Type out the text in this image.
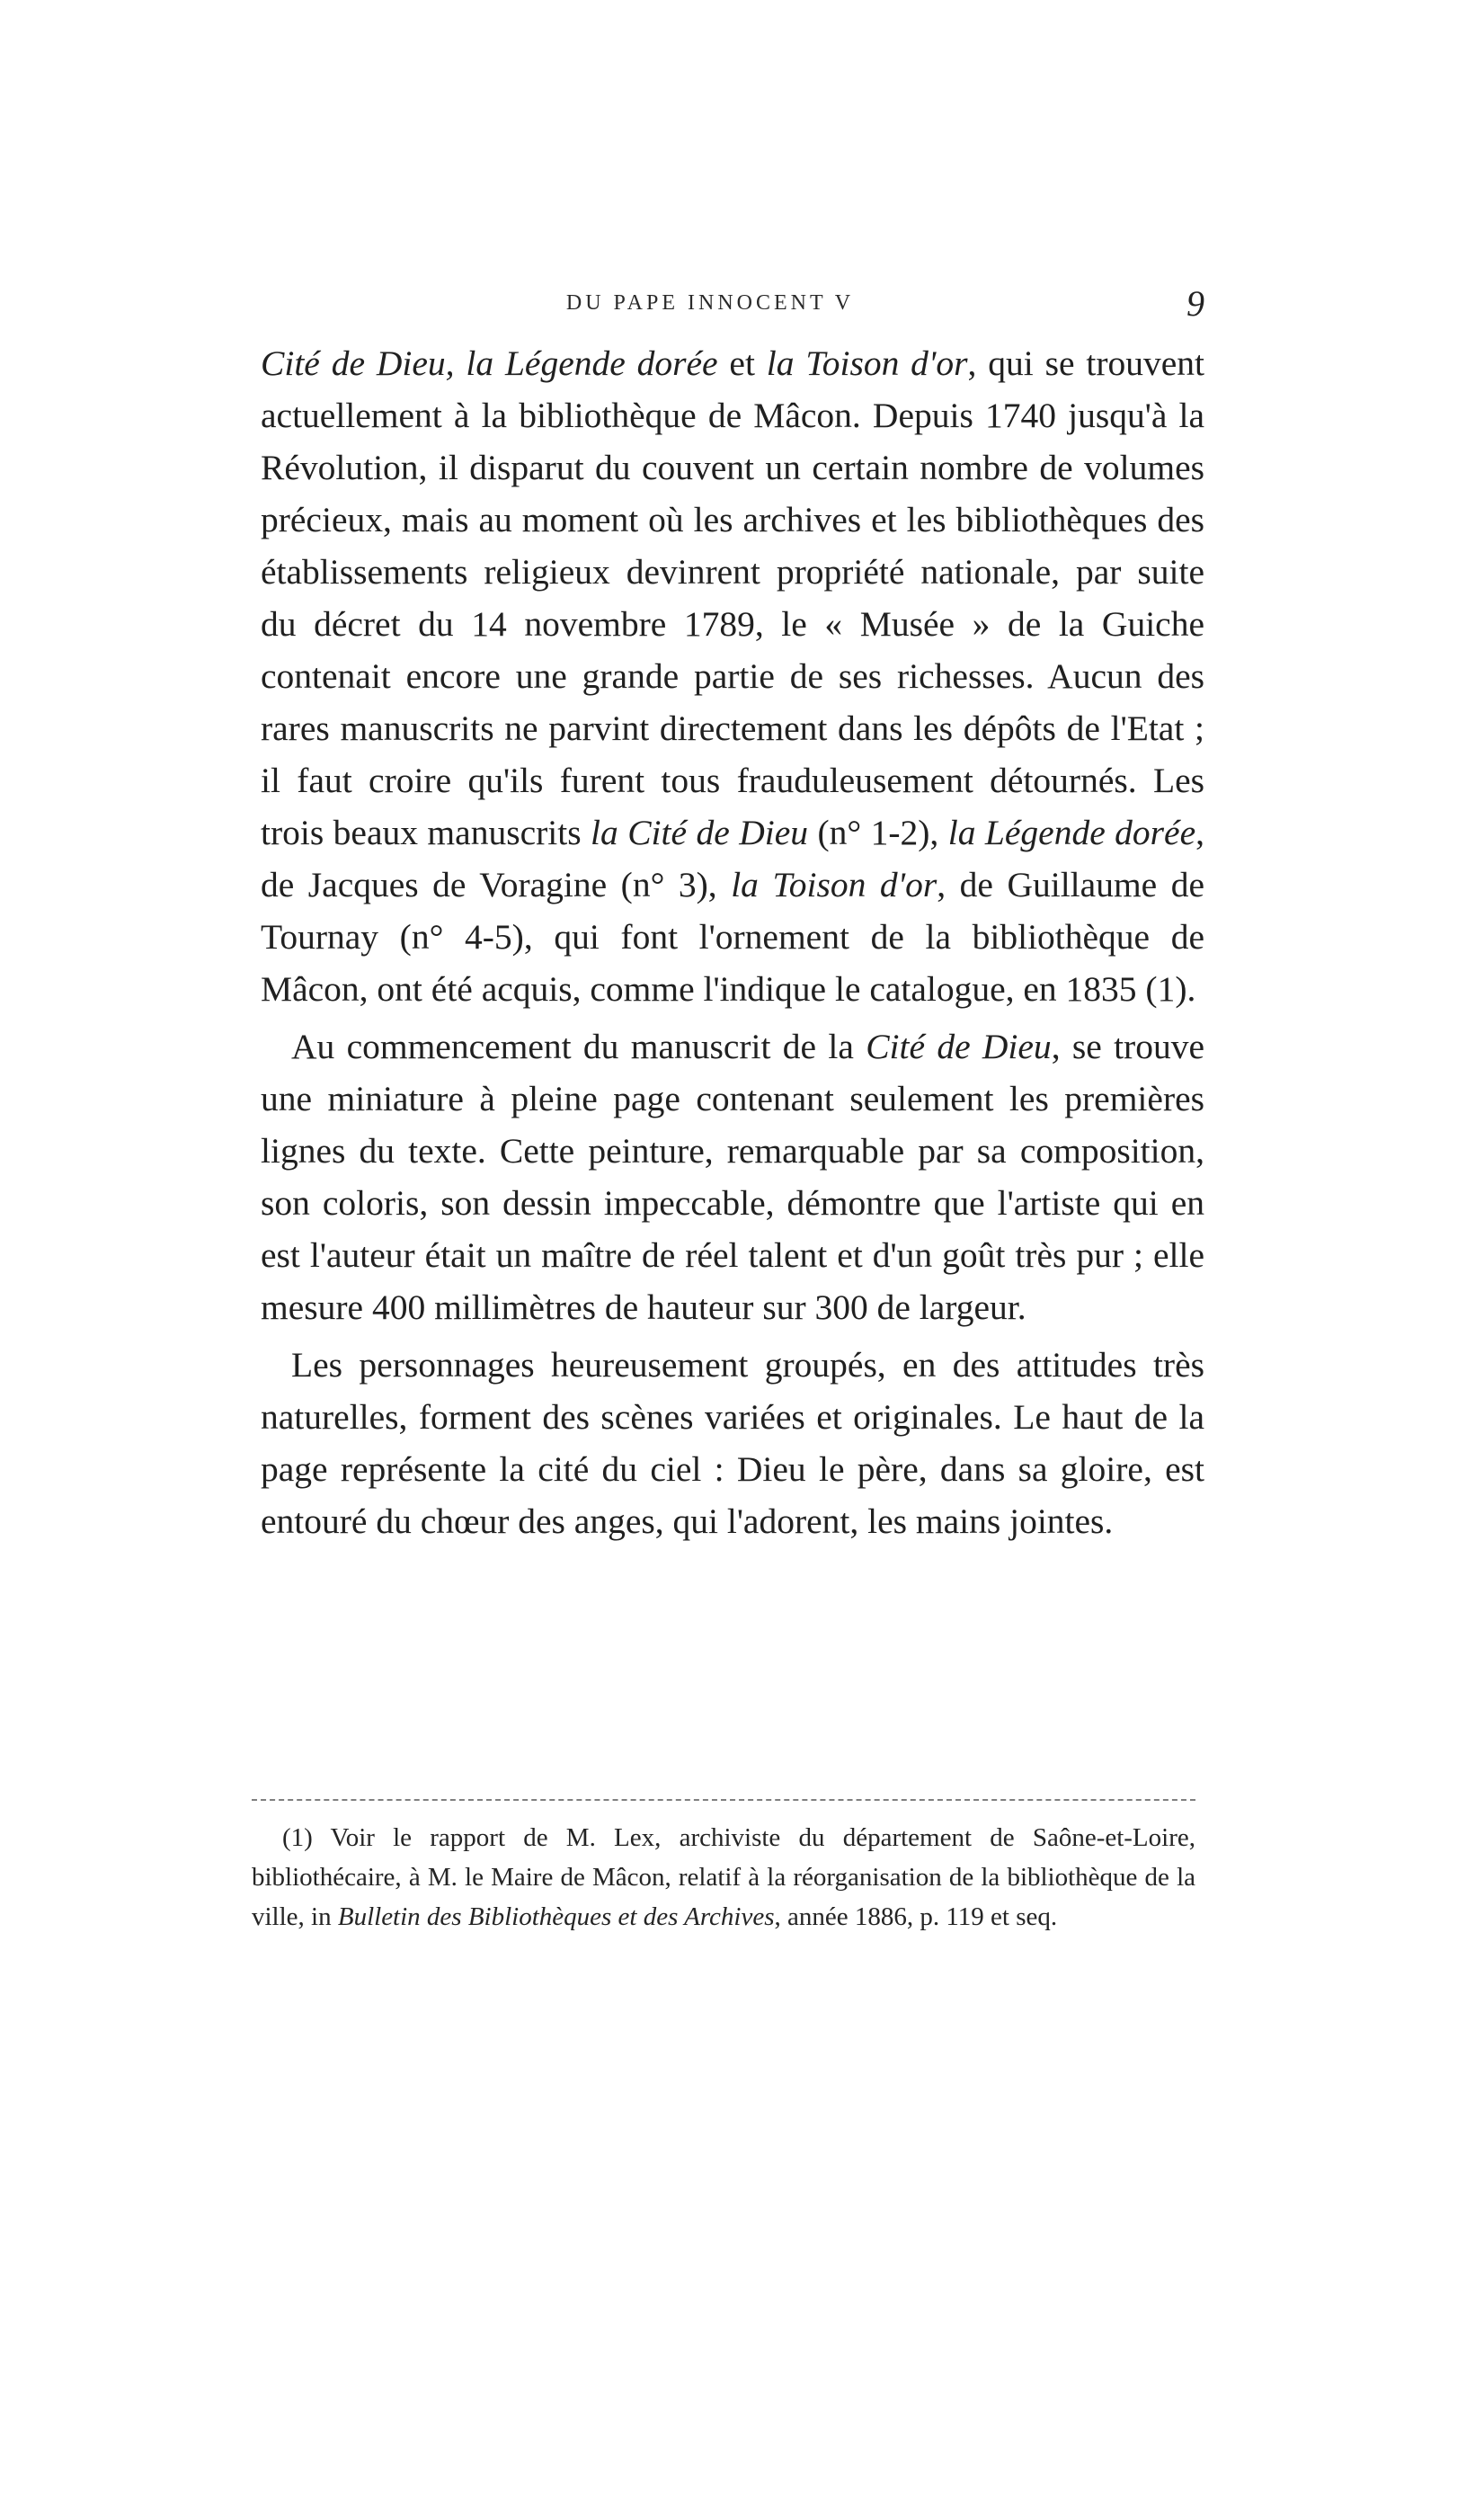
DU PAPE INNOCENT V	9

Cité de Dieu, la Légende dorée et la Toison d'or, qui se trouvent actuellement à la bibliothèque de Mâcon. Depuis 1740 jusqu'à la Révolution, il disparut du couvent un certain nombre de volumes précieux, mais au moment où les archives et les bibliothèques des établissements religieux devinrent propriété nationale, par suite du décret du 14 novembre 1789, le « Musée » de la Guiche contenait encore une grande partie de ses richesses. Aucun des rares manuscrits ne parvint directement dans les dépôts de l'Etat ; il faut croire qu'ils furent tous frauduleusement détournés. Les trois beaux manuscrits la Cité de Dieu (n° 1-2), la Légende dorée, de Jacques de Voragine (n° 3), la Toison d'or, de Guillaume de Tournay (n° 4-5), qui font l'ornement de la bibliothèque de Mâcon, ont été acquis, comme l'indique le catalogue, en 1835 (1).

Au commencement du manuscrit de la Cité de Dieu, se trouve une miniature à pleine page contenant seulement les premières lignes du texte. Cette peinture, remarquable par sa composition, son coloris, son dessin impeccable, démontre que l'artiste qui en est l'auteur était un maître de réel talent et d'un goût très pur ; elle mesure 400 millimètres de hauteur sur 300 de largeur.

Les personnages heureusement groupés, en des attitudes très naturelles, forment des scènes variées et originales. Le haut de la page représente la cité du ciel : Dieu le père, dans sa gloire, est entouré du chœur des anges, qui l'adorent, les mains jointes.

(1) Voir le rapport de M. Lex, archiviste du département de Saône-et-Loire, bibliothécaire, à M. le Maire de Mâcon, relatif à la réorganisation de la bibliothèque de la ville, in Bulletin des Bibliothèques et des Archives, année 1886, p. 119 et seq.
